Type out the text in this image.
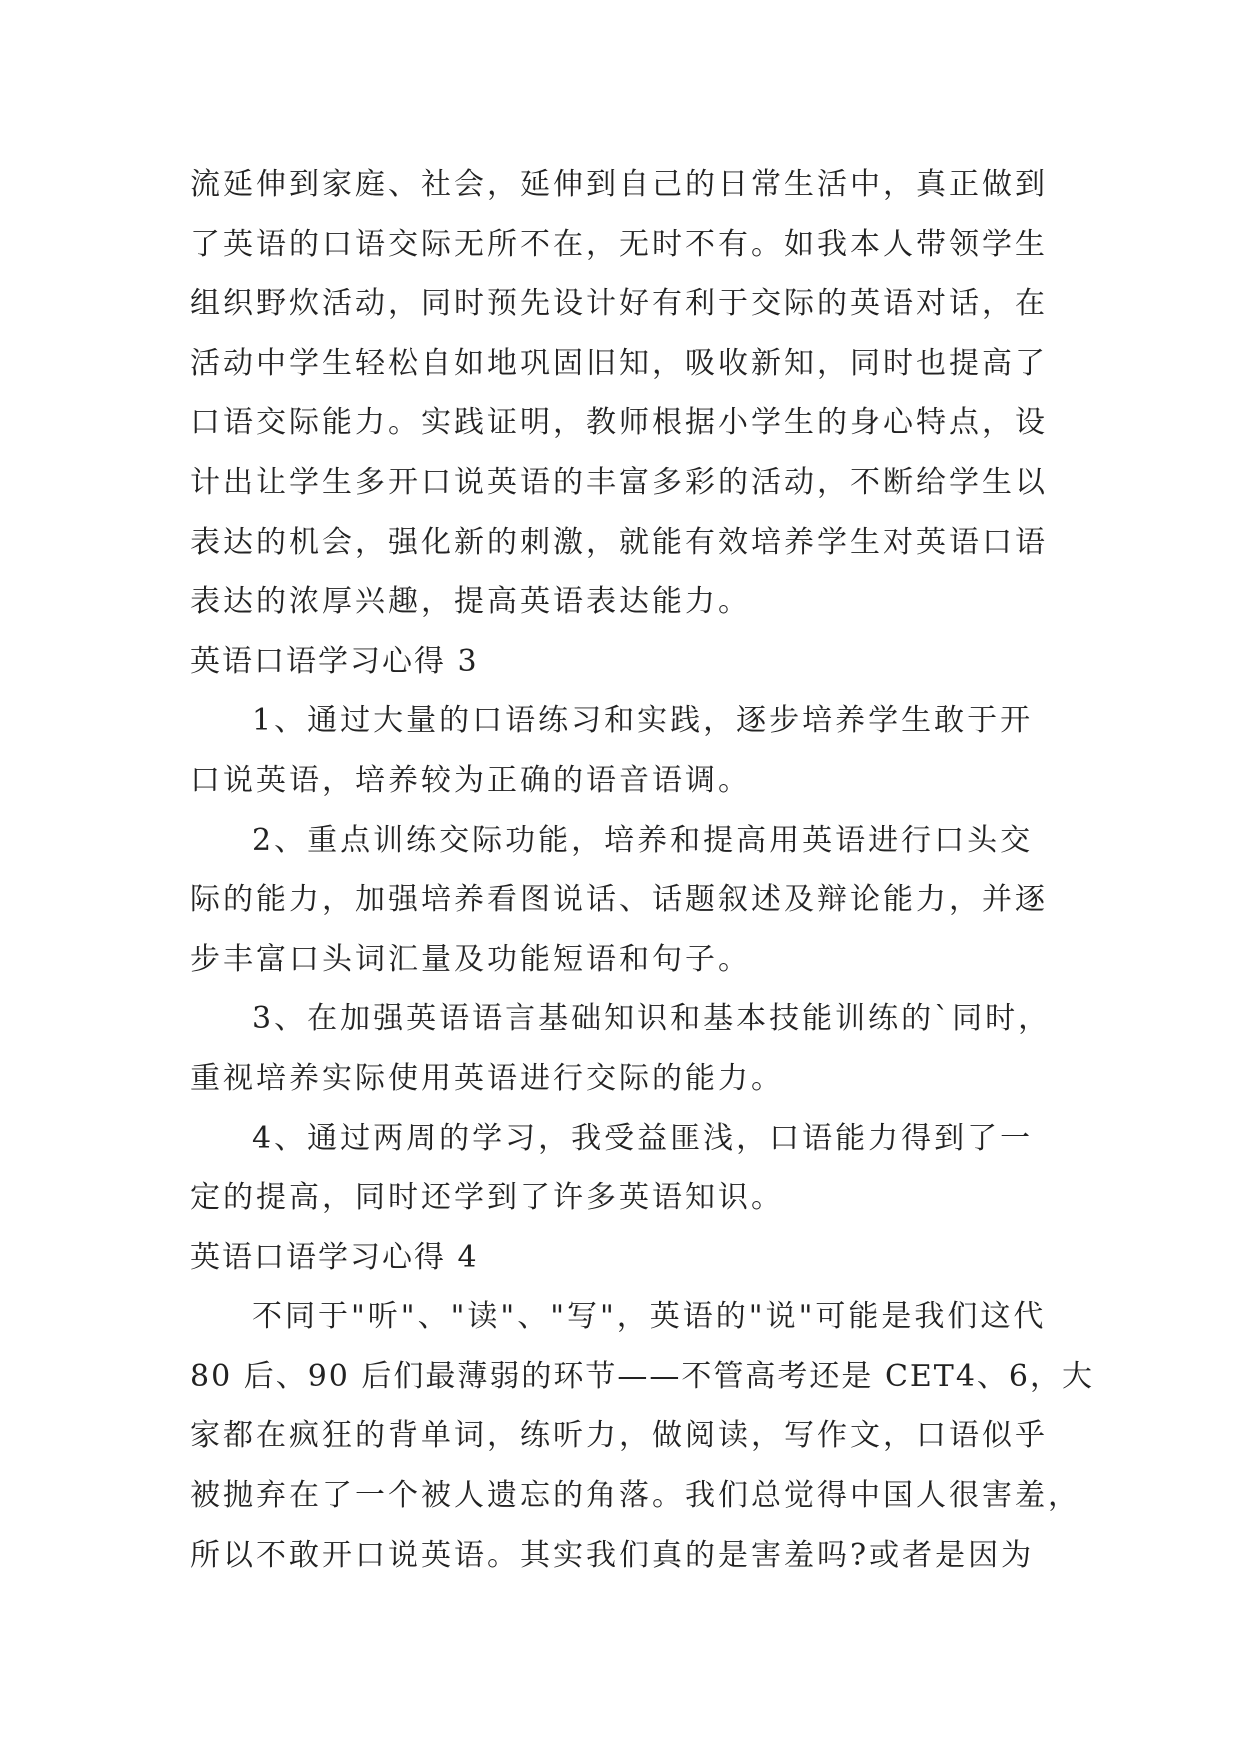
流延伸到家庭、社会，延伸到自己的日常生活中，真正做到
了英语的口语交际无所不在，无时不有。如我本人带领学生
组织野炊活动，同时预先设计好有利于交际的英语对话，在
活动中学生轻松自如地巩固旧知，吸收新知，同时也提高了
口语交际能力。实践证明，教师根据小学生的身心特点，设
计出让学生多开口说英语的丰富多彩的活动，不断给学生以
表达的机会，强化新的刺激，就能有效培养学生对英语口语
表达的浓厚兴趣，提高英语表达能力。
英语口语学习心得 3
1、通过大量的口语练习和实践，逐步培养学生敢于开
口说英语，培养较为正确的语音语调。
2、重点训练交际功能，培养和提高用英语进行口头交
际的能力，加强培养看图说话、话题叙述及辩论能力，并逐
步丰富口头词汇量及功能短语和句子。
3、在加强英语语言基础知识和基本技能训练的`同时，
重视培养实际使用英语进行交际的能力。
4、通过两周的学习，我受益匪浅，口语能力得到了一
定的提高，同时还学到了许多英语知识。
英语口语学习心得 4
不同于"听"、"读"、"写"，英语的"说"可能是我们这代
80 后、90 后们最薄弱的环节——不管高考还是 CET4、6，大
家都在疯狂的背单词，练听力，做阅读，写作文，口语似乎
被抛弃在了一个被人遗忘的角落。我们总觉得中国人很害羞，
所以不敢开口说英语。其实我们真的是害羞吗?或者是因为
